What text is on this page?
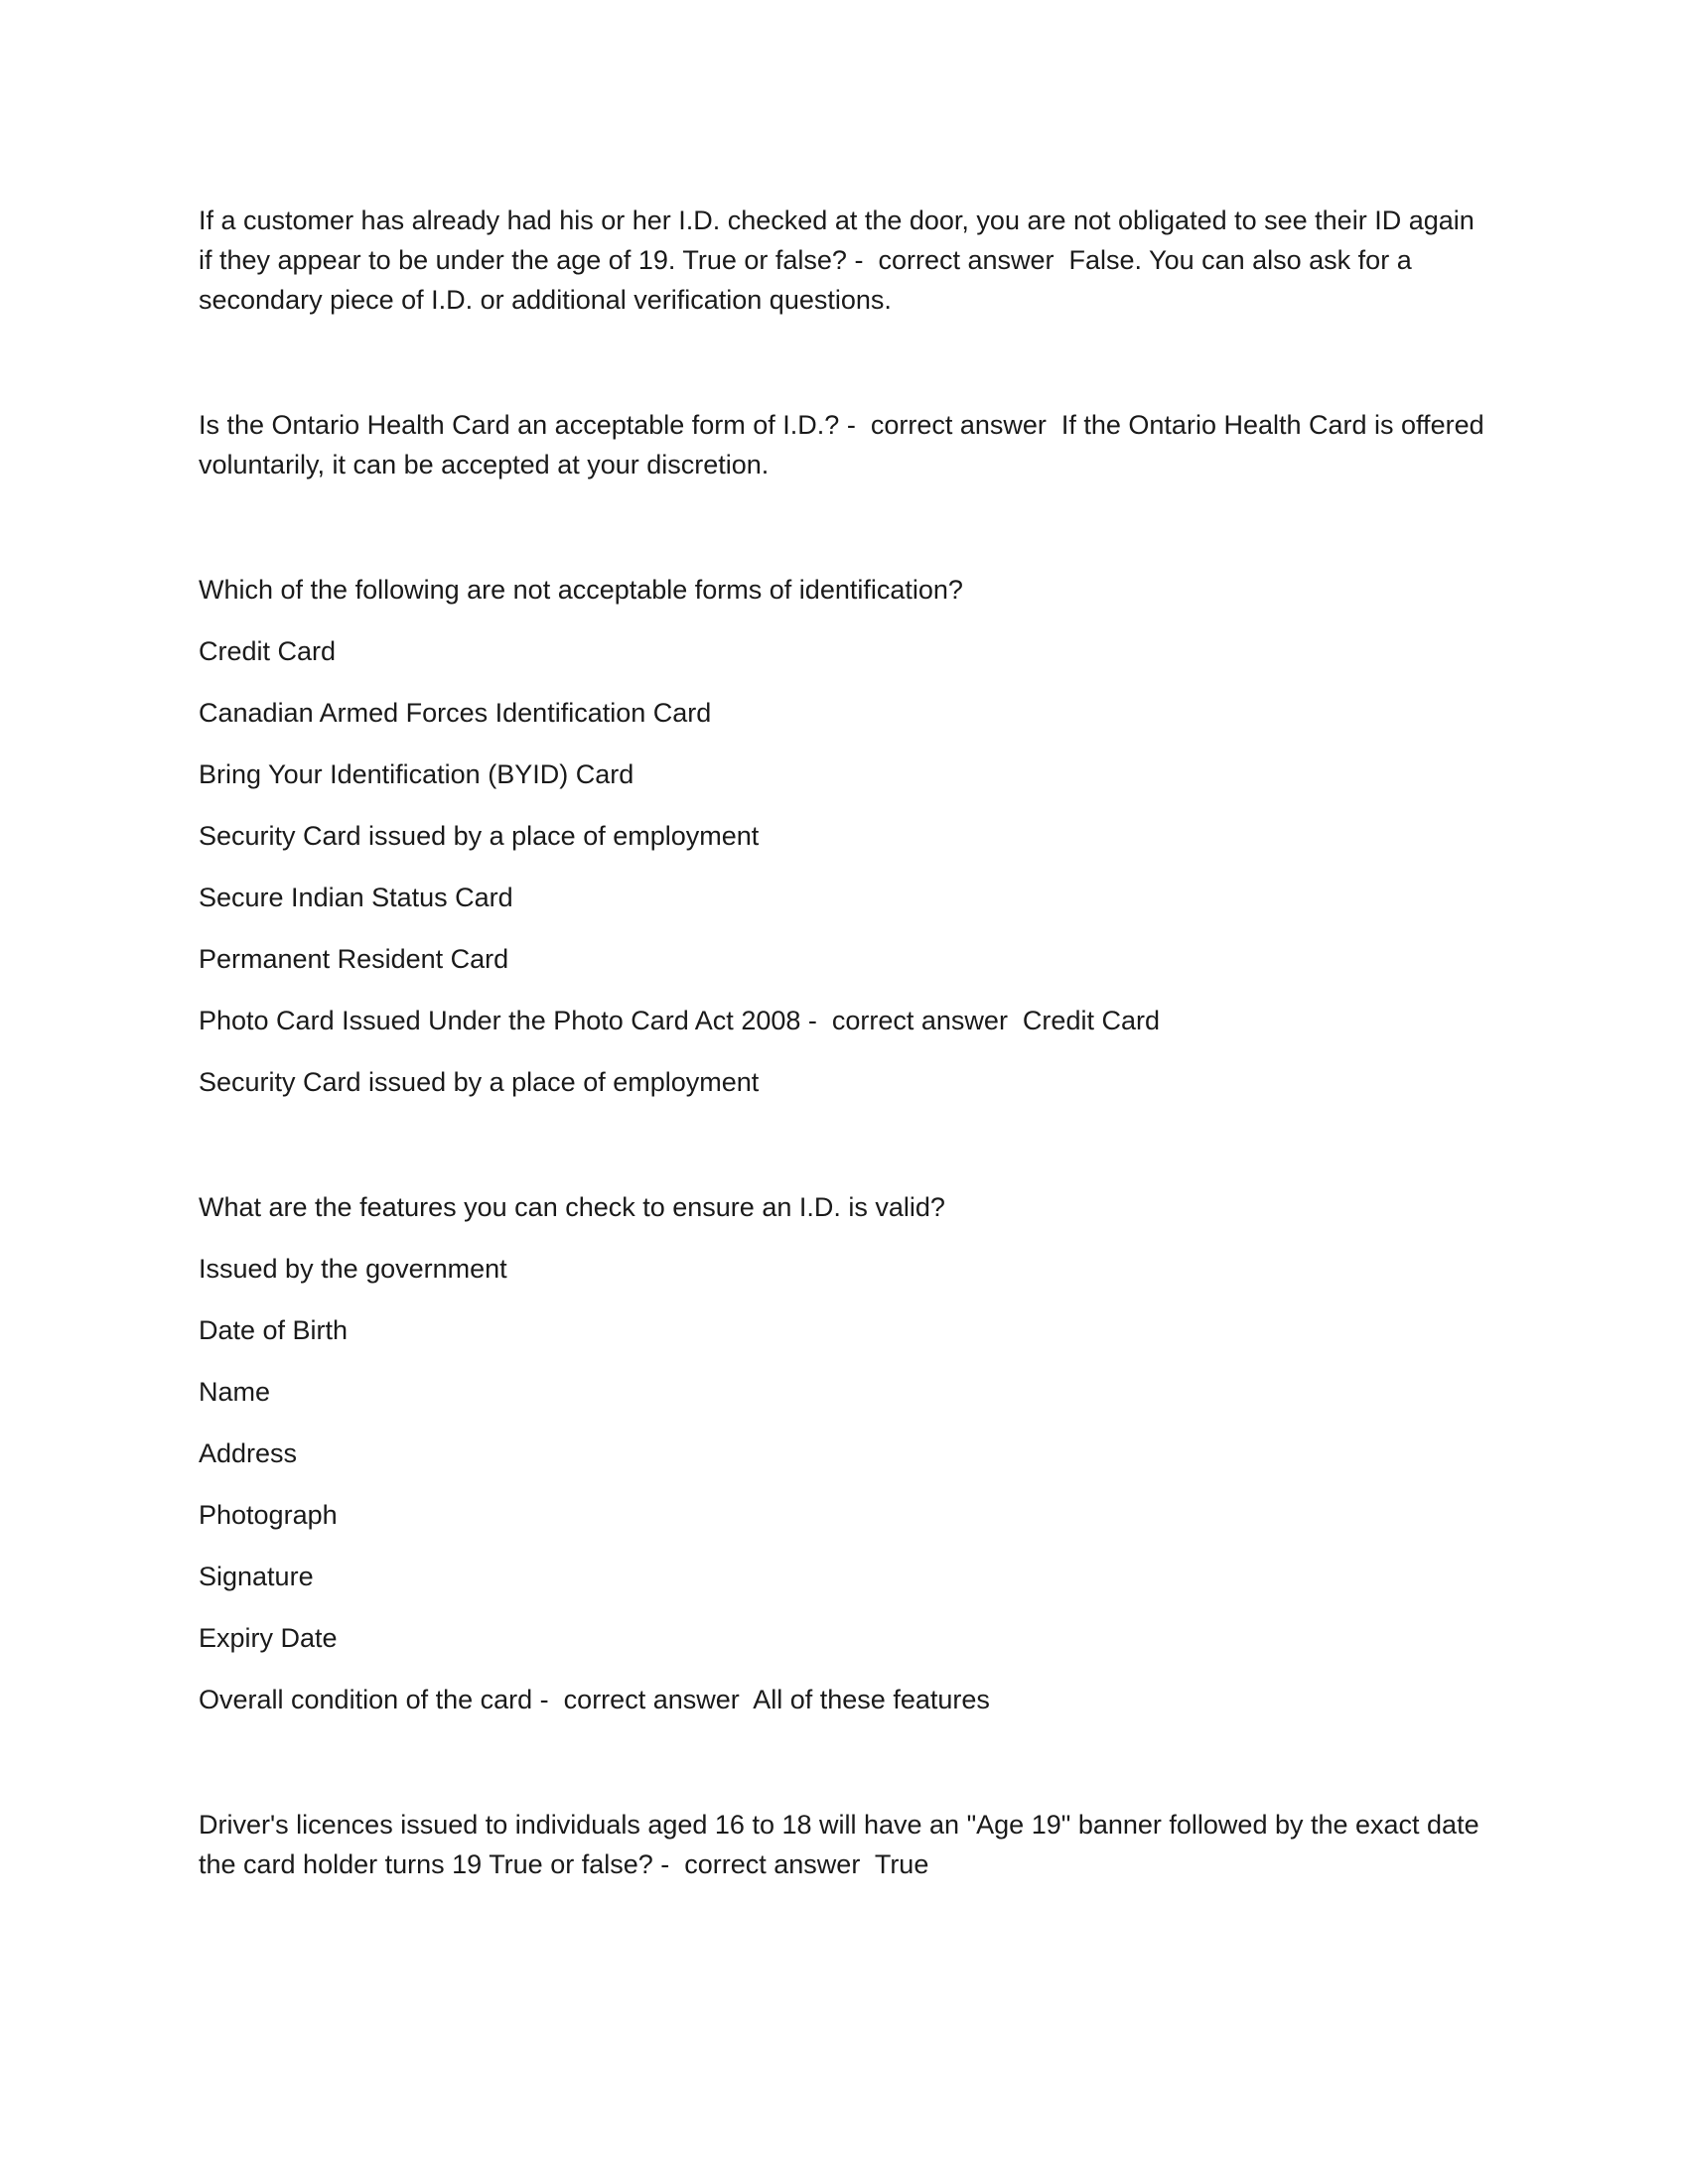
If a customer has already had his or her I.D. checked at the door, you are not obligated to see their ID again if they appear to be under the age of 19. True or false? -  correct answer  False. You can also ask for a secondary piece of I.D. or additional verification questions.

Is the Ontario Health Card an acceptable form of I.D.? -  correct answer  If the Ontario Health Card is offered voluntarily, it can be accepted at your discretion.

Which of the following are not acceptable forms of identification?

Credit Card

Canadian Armed Forces Identification Card

Bring Your Identification (BYID) Card

Security Card issued by a place of employment

Secure Indian Status Card

Permanent Resident Card

Photo Card Issued Under the Photo Card Act 2008 -  correct answer  Credit Card

Security Card issued by a place of employment

What are the features you can check to ensure an I.D. is valid?

Issued by the government

Date of Birth

Name

Address

Photograph

Signature

Expiry Date

Overall condition of the card -  correct answer  All of these features

Driver's licences issued to individuals aged 16 to 18 will have an "Age 19" banner followed by the exact date the card holder turns 19 True or false? -  correct answer  True
